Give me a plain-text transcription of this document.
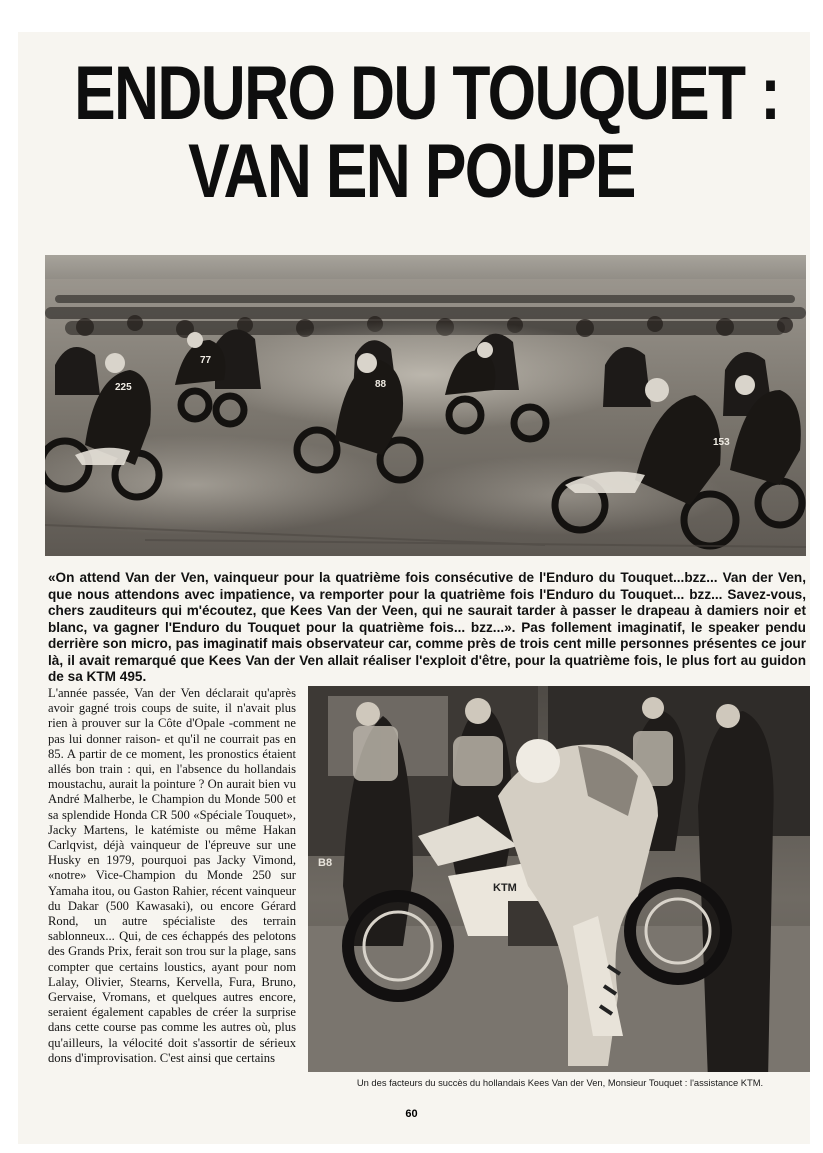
ENDURO DU TOUQUET :
VAN EN POUPE
225	88
153
77
«On attend Van der Ven, vainqueur pour la quatrième fois consécutive de l'Enduro du Touquet...bzz... Van der Ven, que nous attendons avec impatience, va remporter pour la quatrième fois l'Enduro du Touquet... bzz... Savez-vous, chers zauditeurs qui m'écoutez, que Kees Van der Veen, qui ne saurait tarder à passer le drapeau à damiers noir et blanc, va gagner l'Enduro du Touquet pour la quatrième fois... bzz...». Pas follement imaginatif, le speaker pendu derrière son micro, pas imaginatif mais observateur car, comme près de trois cent mille personnes présentes ce jour là, il avait remarqué que Kees Van der Ven allait réaliser l'exploit d'être, pour la quatrième fois, le plus fort au guidon de sa KTM 495.
L'année passée, Van der Ven déclarait qu'après avoir gagné trois coups de suite, il n'avait plus rien à prouver sur la Côte d'Opale -comment ne pas lui donner raison- et qu'il ne courrait pas en 85. A partir de ce moment, les pronostics étaient allés bon train : qui, en l'absence du hollandais moustachu, aurait la pointure ? On aurait bien vu André Malherbe, le Champion du Monde 500 et sa splendide Honda CR 500 «Spéciale Touquet», Jacky Martens, le katémiste ou même Hakan Carlqvist, déjà vainqueur de l'épreuve sur une Husky en 1979, pourquoi pas Jacky Vimond, «notre» Vice-Champion du Monde 250 sur Yamaha itou, ou Gaston Rahier, récent vainqueur du Dakar (500 Kawasaki), ou encore Gérard Rond, un autre spécialiste des terrain sablonneux... Qui, de ces échappés des pelotons des Grands Prix, ferait son trou sur la plage, sans compter que certains loustics, ayant pour nom Lalay, Olivier, Stearns, Kervella, Fura, Bruno, Gervaise, Vromans, et quelques autres encore, seraient également capables de créer la surprise dans cette course pas comme les autres où, plus qu'ailleurs, la vélocité doit s'assortir de sérieux dons d'improvisation. C'est ainsi que certains
B8
KTM
Un des facteurs du succès du hollandais Kees Van der Ven, Monsieur Touquet : l'assistance KTM.
60
